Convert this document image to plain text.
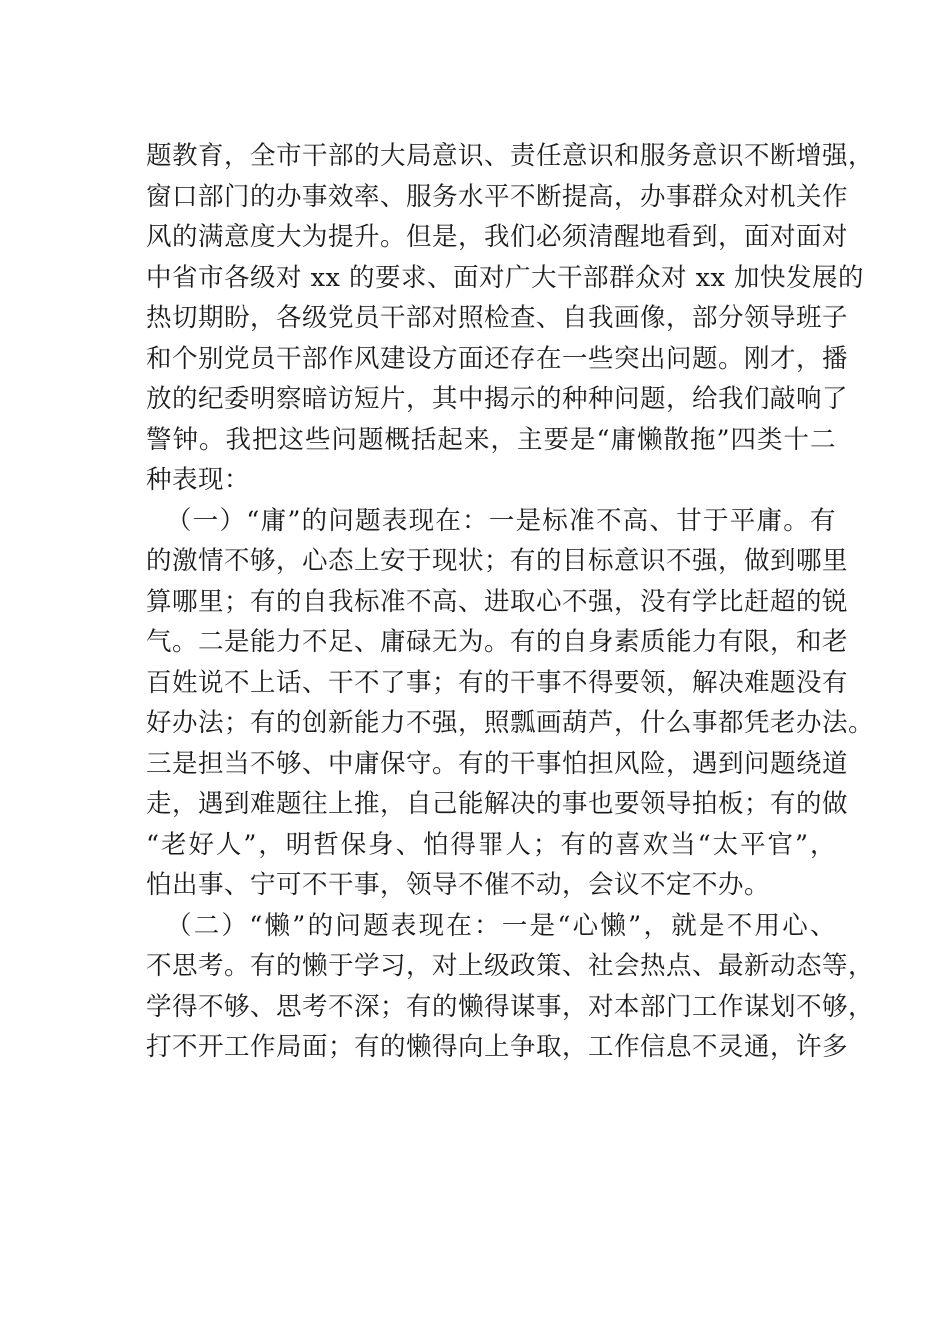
题教育，全市干部的大局意识、责任意识和服务意识不断增强，
窗口部门的办事效率、服务水平不断提高，办事群众对机关作
风的满意度大为提升。但是，我们必须清醒地看到，面对面对
中省市各级对 xx 的要求、面对广大干部群众对 xx 加快发展的
热切期盼，各级党员干部对照检查、自我画像，部分领导班子
和个别党员干部作风建设方面还存在一些突出问题。刚才，播
放的纪委明察暗访短片，其中揭示的种种问题，给我们敲响了
警钟。我把这些问题概括起来，主要是“庸懒散拖”四类十二
种表现：
（一）“庸”的问题表现在：一是标准不高、甘于平庸。有
的激情不够，心态上安于现状；有的目标意识不强，做到哪里
算哪里；有的自我标准不高、进取心不强，没有学比赶超的锐
气。二是能力不足、庸碌无为。有的自身素质能力有限，和老
百姓说不上话、干不了事；有的干事不得要领，解决难题没有
好办法；有的创新能力不强，照瓢画葫芦，什么事都凭老办法。
三是担当不够、中庸保守。有的干事怕担风险，遇到问题绕道
走，遇到难题往上推，自己能解决的事也要领导拍板；有的做
“老好人”，明哲保身、怕得罪人；有的喜欢当“太平官”，
怕出事、宁可不干事，领导不催不动，会议不定不办。
（二）“懒”的问题表现在：一是“心懒”，就是不用心、
不思考。有的懒于学习，对上级政策、社会热点、最新动态等，
学得不够、思考不深；有的懒得谋事，对本部门工作谋划不够，
打不开工作局面；有的懒得向上争取，工作信息不灵通，许多
